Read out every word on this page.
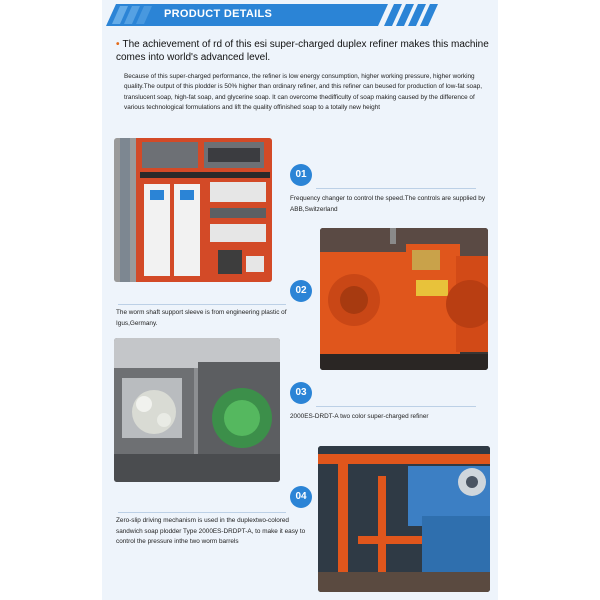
PRODUCT DETAILS
• The achievement of rd of this esi super-charged duplex refiner makes this machine comes into world's advanced level.
Because of this super-charged performance, the refiner is low energy consumption, higher working pressure, higher working quality.The output of this plodder is 50% higher than ordinary refiner, and this refiner can beused for production of low-fat soap, translucent soap, high-fat soap, and glycerine soap. It can overcome thedifficulty of soap making caused by the difference of various technological formulations and lift the quality offinished soap to a totally new height
01
Frequency changer to control the speed.The controls are supplied by ABB,Switzerland
02
The worm shaft support sleeve is from engineering plastic of Igus,Germany.
03
2000ES-DRDT-A two color super-charged refiner
04
Zero-slip driving mechanism is used in the duplextwo-colored sandwich soap plodder Type 2000ES-DRDPT-A, to make it easy to control the pressure inthe two worm barrels
